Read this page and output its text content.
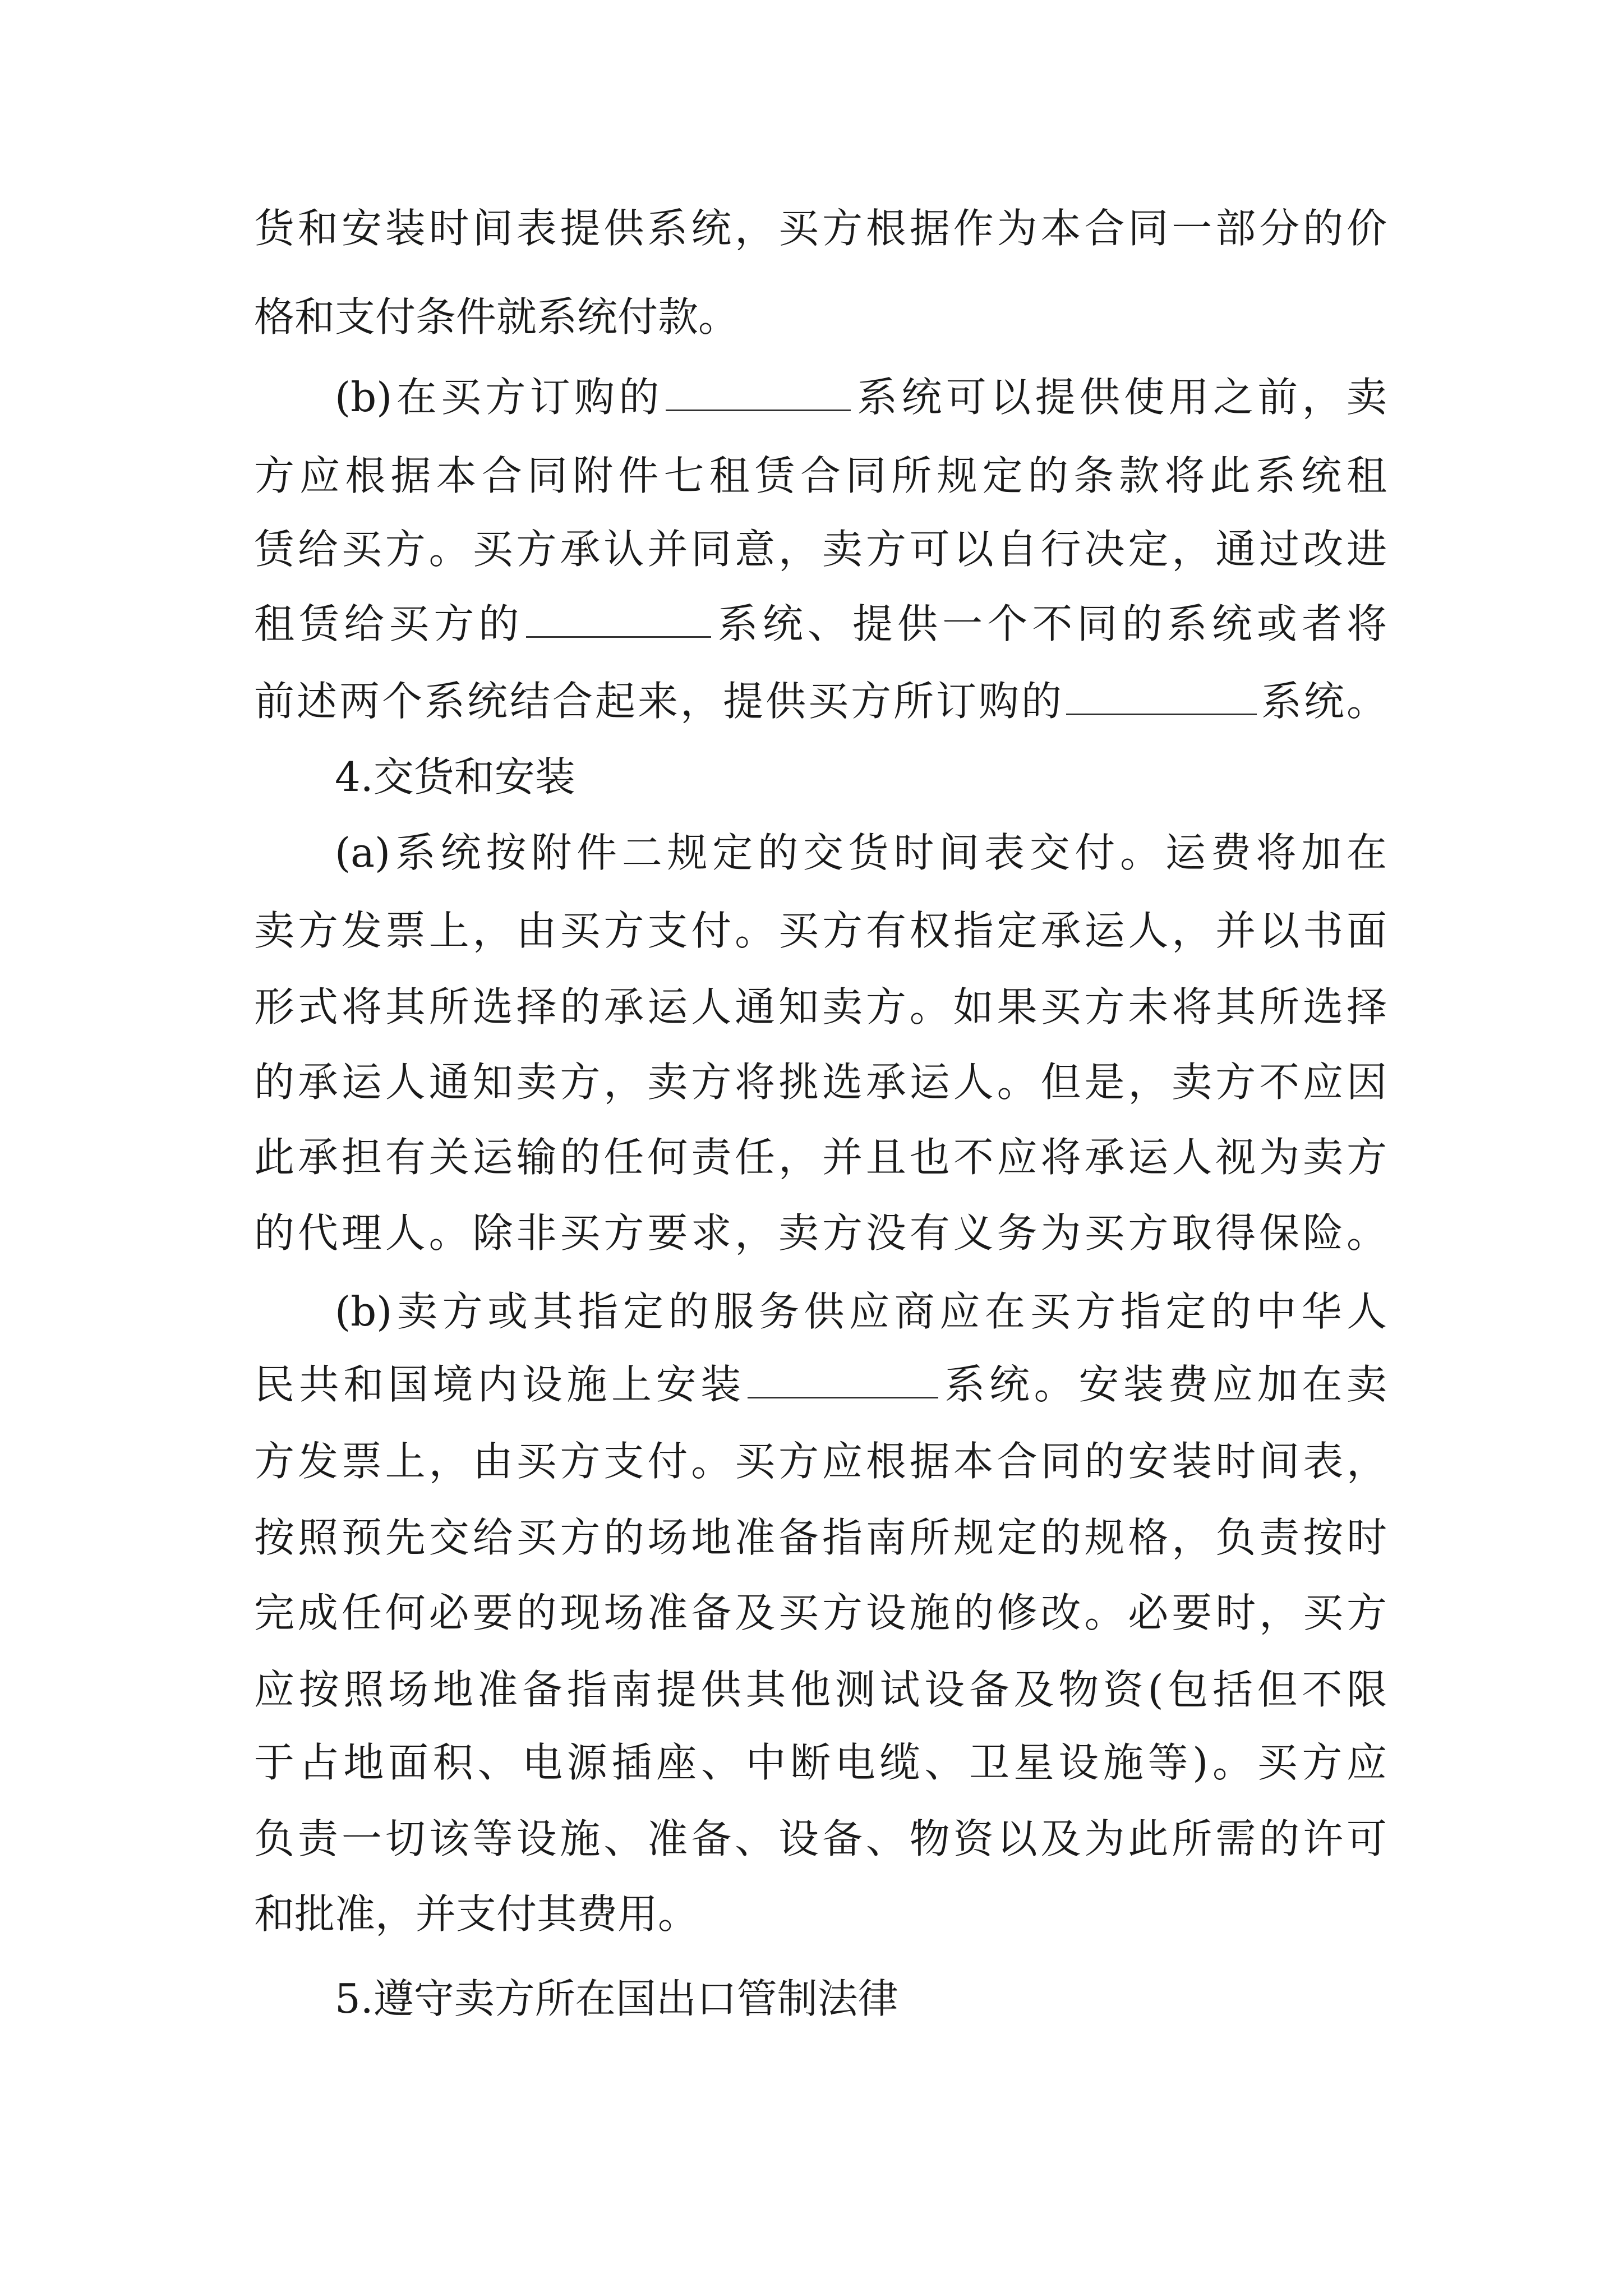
货和安装时间表提供系统，买方根据作为本合同一部分的价

格和支付条件就系统付款。

(b)在买方订购的	系统可以提供使用之前，卖

方应根据本合同附件七租赁合同所规定的条款将此系统租

赁给买方。买方承认并同意，卖方可以自行决定，通过改进

租赁给买方的	系统、提供一个不同的系统或者将

前述两个系统结合起来，提供买方所订购的	系统。

4.交货和安装

(a)系统按附件二规定的交货时间表交付。运费将加在

卖方发票上，由买方支付。买方有权指定承运人，并以书面

形式将其所选择的承运人通知卖方。如果买方未将其所选择

的承运人通知卖方，卖方将挑选承运人。但是，卖方不应因

此承担有关运输的任何责任，并且也不应将承运人视为卖方

的代理人。除非买方要求，卖方没有义务为买方取得保险。

(b)卖方或其指定的服务供应商应在买方指定的中华人

民共和国境内设施上安装	系统。安装费应加在卖

方发票上，由买方支付。买方应根据本合同的安装时间表，

按照预先交给买方的场地准备指南所规定的规格，负责按时

完成任何必要的现场准备及买方设施的修改。必要时，买方

应按照场地准备指南提供其他测试设备及物资(包括但不限

于占地面积、电源插座、中断电缆、卫星设施等)。买方应

负责一切该等设施、准备、设备、物资以及为此所需的许可

和批准，并支付其费用。

5.遵守卖方所在国出口管制法律
